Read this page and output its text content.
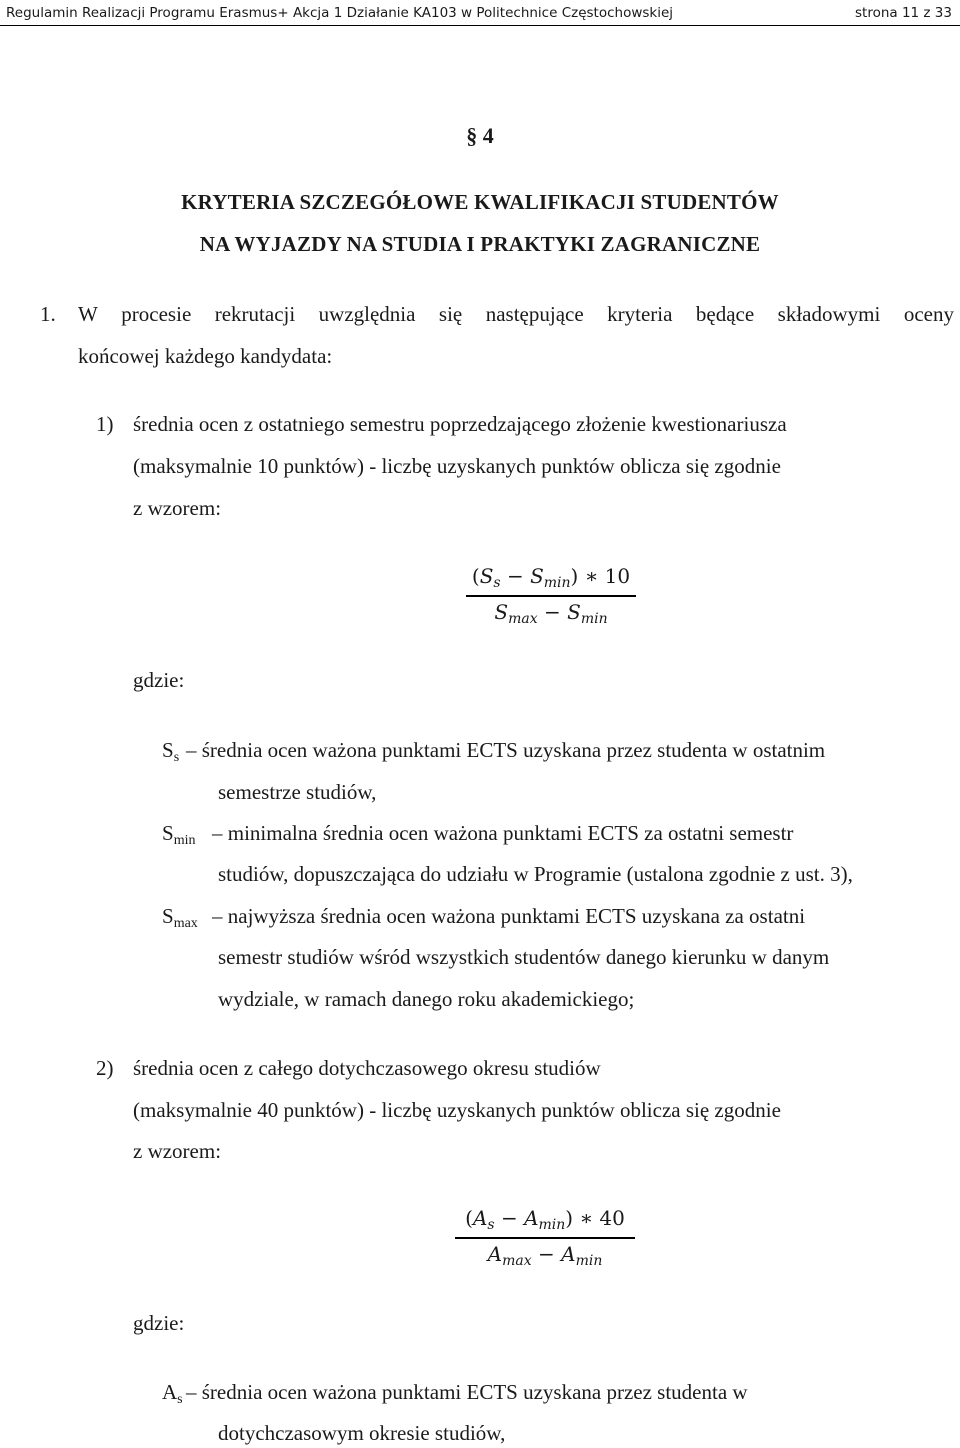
Regulamin Realizacji Programu Erasmus+ Akcja 1 Działanie KA103 w Politechnice Częstochowskiej	strona 11 z 33
§ 4
KRYTERIA SZCZEGÓŁOWE KWALIFIKACJI STUDENTÓW
NA WYJAZDY NA STUDIA I PRAKTYKI ZAGRANICZNE
1. W procesie rekrutacji uwzględnia się następujące kryteria będące składowymi oceny
końcowej każdego kandydata:
1) średnia ocen z ostatniego semestru poprzedzającego złożenie kwestionariusza
(maksymalnie 10 punktów) - liczbę uzyskanych punktów oblicza się zgodnie
z wzorem:
$(S_s - S_{min})$ ∗ 10
$S_{max} - S_{min}$
gdzie:
$S_s$ – średnia ocen ważona punktami ECTS uzyskana przez studenta w ostatnim
semestrze studiów,
$S_{min}$ – minimalna średnia ocen ważona punktami ECTS za ostatni semestr
studiów, dopuszczająca do udziału w Programie (ustalona zgodnie z ust. 3),
$S_{max}$ – najwyższa średnia ocen ważona punktami ECTS uzyskana za ostatni
semestr studiów wśród wszystkich studentów danego kierunku w danym
wydziale, w ramach danego roku akademickiego;
2) średnia ocen z całego dotychczasowego okresu studiów
(maksymalnie 40 punktów) - liczbę uzyskanych punktów oblicza się zgodnie
z wzorem:
$(A_s - A_{min})$ ∗ 40
$A_{max} - A_{min}$
gdzie:
$A_s$ – średnia ocen ważona punktami ECTS uzyskana przez studenta w
dotychczasowym okresie studiów,
